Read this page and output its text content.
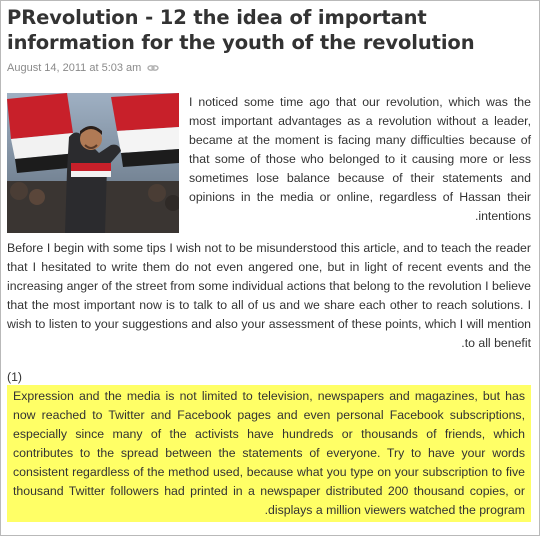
PRevolution - 12 the idea of important information for the youth of the revolution
August 14, 2011 at 5:03 am

I noticed some time ago that our revolution, which was the most important advantages as a revolution without a leader, became at the moment is facing many difficulties because of that some of those who belonged to it causing more or less sometimes lose balance because of their statements and opinions in the media or online, regardless of Hassan their intentions.

Before I begin with some tips I wish not to be misunderstood this article, and to teach the reader that I hesitated to write them do not even angered one, but in light of recent events and the increasing anger of the street from some individual actions that belong to the revolution I believe that the most important now is to talk to all of us and we share each other to reach solutions. I wish to listen to your suggestions and also your assessment of these points, which I will mention to all benefit.

(1)
Expression and the media is not limited to television, newspapers and magazines, but has now reached to Twitter and Facebook pages and even personal Facebook subscriptions, especially since many of the activists have hundreds or thousands of friends, which contributes to the spread between the statements of everyone. Try to have your words consistent regardless of the method used, because what you type on your subscription to five thousand Twitter followers had printed in a newspaper distributed 200 thousand copies, or displays a million viewers watched the program.
